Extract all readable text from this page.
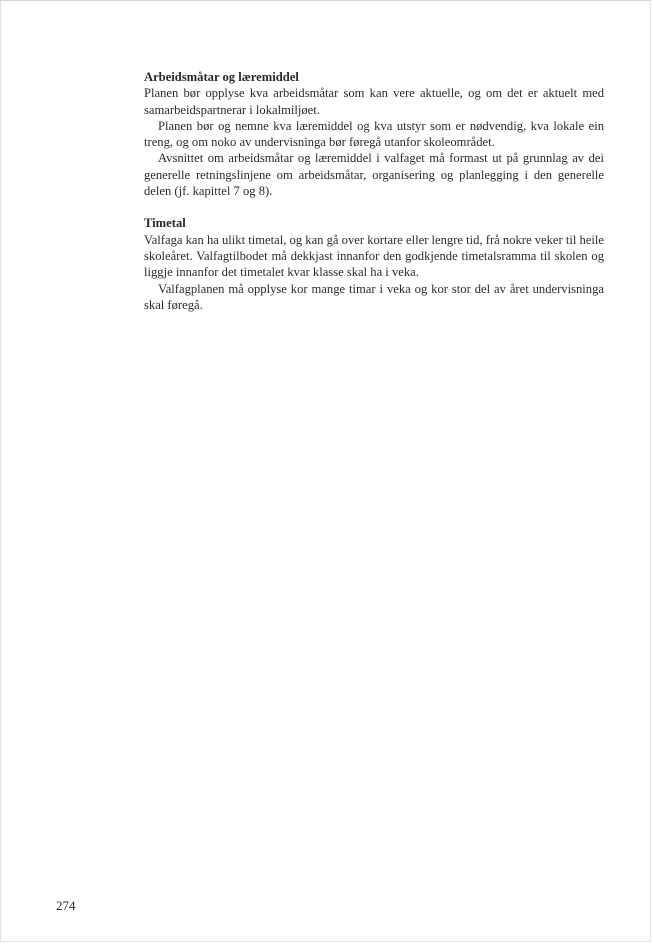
Arbeidsmåtar og læremiddel

Planen bør opplyse kva arbeidsmåtar som kan vere aktuelle, og om det er aktuelt med samarbeidspartnerar i lokalmiljøet.

Planen bør og nemne kva læremiddel og kva utstyr som er nødvendig, kva lokale ein treng, og om noko av undervisninga bør føregå utanfor skoleområdet.

Avsnittet om arbeidsmåtar og læremiddel i valfaget må formast ut på grunnlag av dei generelle retningslinjene om arbeidsmåtar, organisering og planlegging i den generelle delen (jf. kapittel 7 og 8).

Timetal

Valfaga kan ha ulikt timetal, og kan gå over kortare eller lengre tid, frå nokre veker til heile skoleåret. Valfagtilbodet må dekkjast innanfor den godkjende timetalsramma til skolen og liggje innanfor det timetalet kvar klasse skal ha i veka.

Valfagplanen må opplyse kor mange timar i veka og kor stor del av året undervisninga skal føregå.

274
